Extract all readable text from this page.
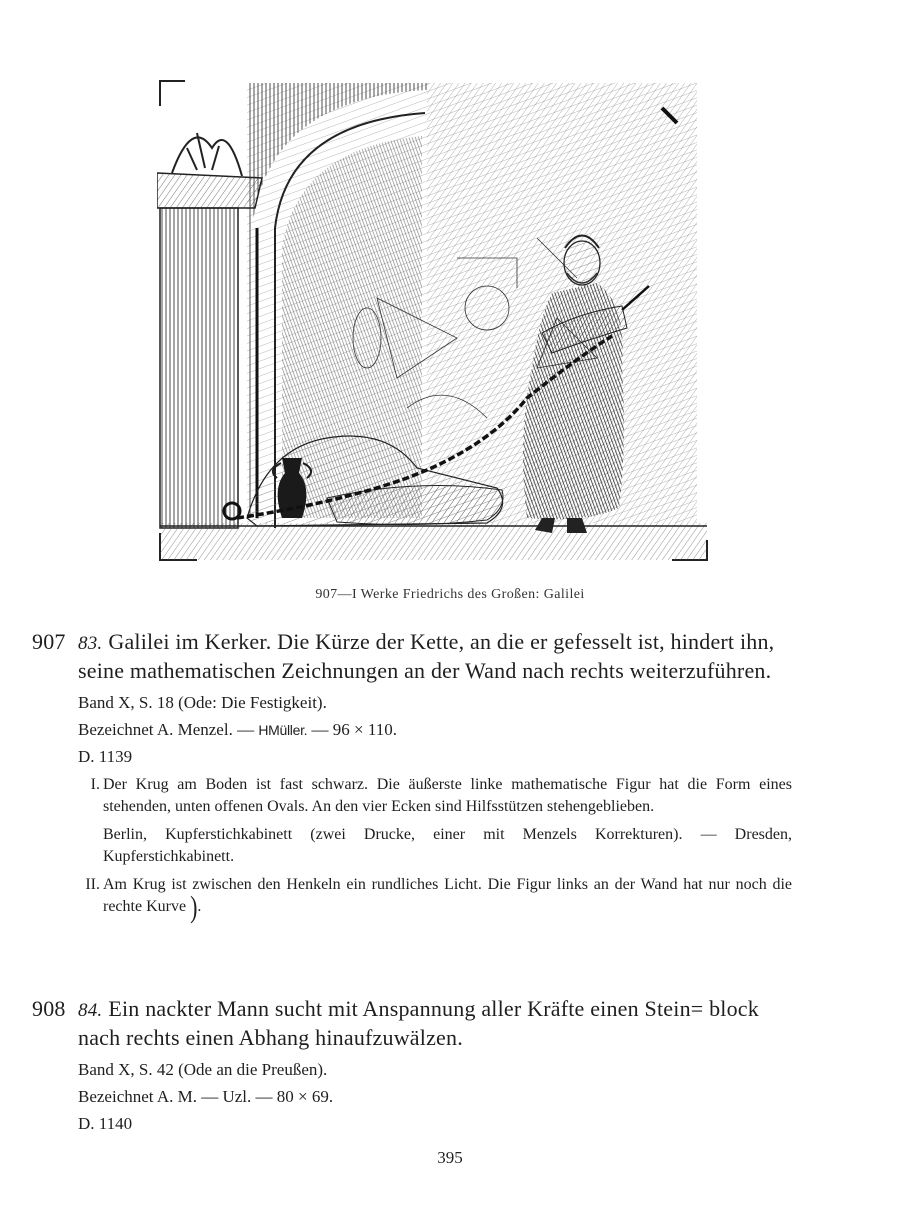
907—I Werke Friedrichs des Großen: Galilei
907 83. Galilei im Kerker. Die Kürze der Kette, an die er gefesselt ist, hindert ihn, seine mathematischen Zeichnungen an der Wand nach rechts weiterzuführen.
Band X, S. 18 (Ode: Die Festigkeit).
Bezeichnet A. Menzel. — HMüller. — 96 × 110.
D. 1139
I. Der Krug am Boden ist fast schwarz. Die äußerste linke mathematische Figur hat die Form eines stehenden, unten offenen Ovals. An den vier Ecken sind Hilfsstützen stehengeblieben.

Berlin, Kupferstichkabinett (zwei Drucke, einer mit Menzels Korrekturen). — Dresden, Kupferstichkabinett.

II. Am Krug ist zwischen den Henkeln ein rundliches Licht. Die Figur links an der Wand hat nur noch die rechte Kurve ).

908 84. Ein nackter Mann sucht mit Anspannung aller Kräfte einen Stein= block nach rechts einen Abhang hinaufzuwälzen.
Band X, S. 42 (Ode an die Preußen).
Bezeichnet A. M. — Uzl. — 80 × 69.
D. 1140
395
